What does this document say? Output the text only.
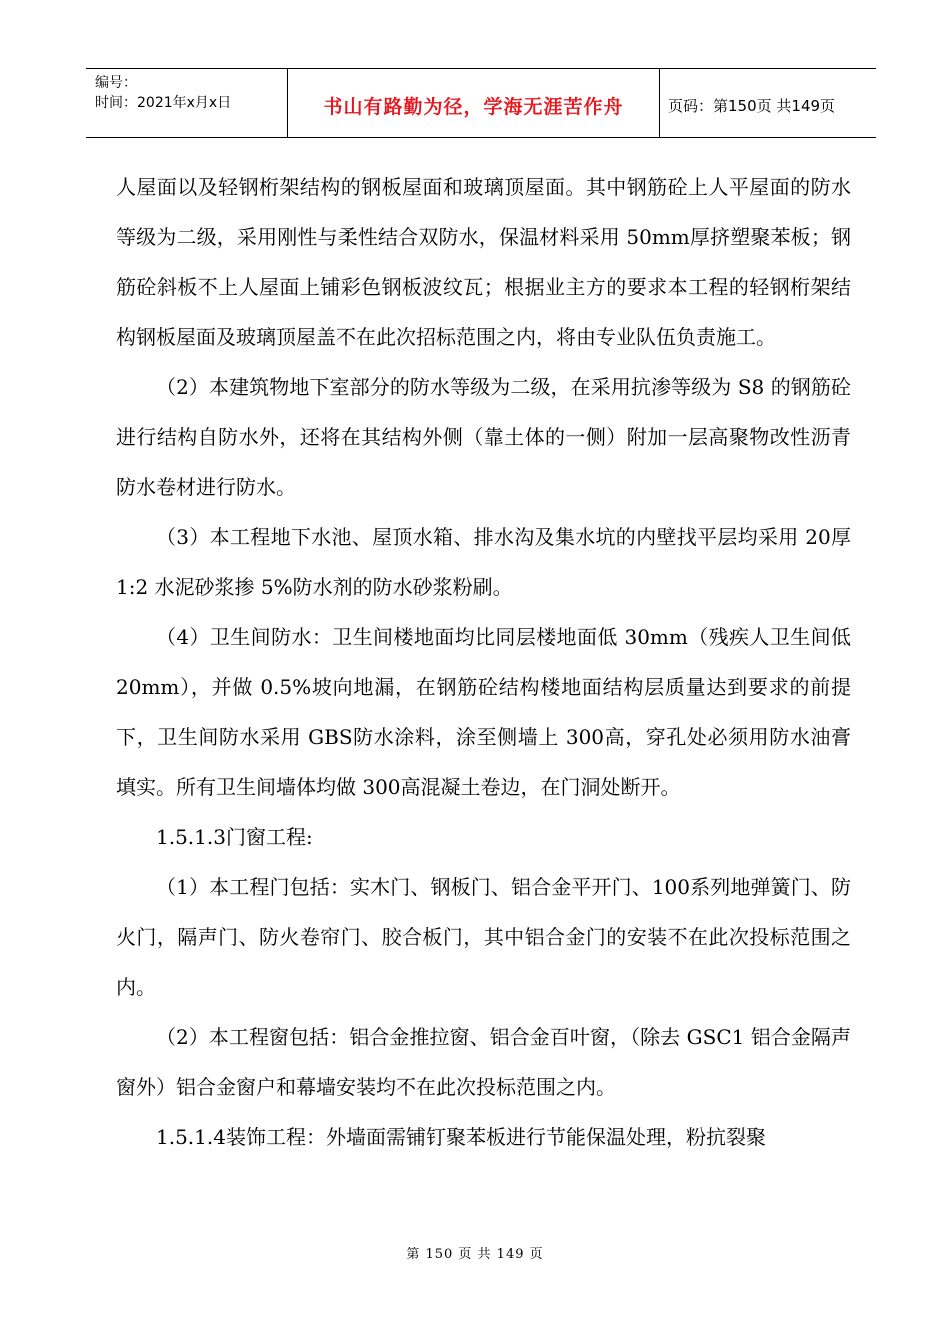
编号：
时间：2021年x月x日	书山有路勤为径，学海无涯苦作舟	页码：第150页 共149页

人屋面以及轻钢桁架结构的钢板屋面和玻璃顶屋面。其中钢筋砼上人平屋面的防水等级为二级，采用刚性与柔性结合双防水，保温材料采用 50mm厚挤塑聚苯板；钢筋砼斜板不上人屋面上铺彩色钢板波纹瓦；根据业主方的要求本工程的轻钢桁架结构钢板屋面及玻璃顶屋盖不在此次招标范围之内，将由专业队伍负责施工。

（2）本建筑物地下室部分的防水等级为二级，在采用抗渗等级为 S8 的钢筋砼进行结构自防水外，还将在其结构外侧（靠土体的一侧）附加一层高聚物改性沥青防水卷材进行防水。

（3）本工程地下水池、屋顶水箱、排水沟及集水坑的内壁找平层均采用 20厚 1:2 水泥砂浆掺 5%防水剂的防水砂浆粉刷。

（4）卫生间防水：卫生间楼地面均比同层楼地面低 30mm（残疾人卫生间低 20mm），并做 0.5%坡向地漏，在钢筋砼结构楼地面结构层质量达到要求的前提下，卫生间防水采用 GBS防水涂料，涂至侧墙上 300高，穿孔处必须用防水油膏填实。所有卫生间墙体均做 300高混凝土卷边，在门洞处断开。

1.5.1.3门窗工程:

（1）本工程门包括：实木门、钢板门、铝合金平开门、100系列地弹簧门、防火门，隔声门、防火卷帘门、胶合板门，其中铝合金门的安装不在此次投标范围之内。

（2）本工程窗包括：铝合金推拉窗、铝合金百叶窗，（除去 GSC1 铝合金隔声窗外）铝合金窗户和幕墙安装均不在此次投标范围之内。

1.5.1.4装饰工程：外墙面需铺钉聚苯板进行节能保温处理，粉抗裂聚

第 150 页 共 149 页
